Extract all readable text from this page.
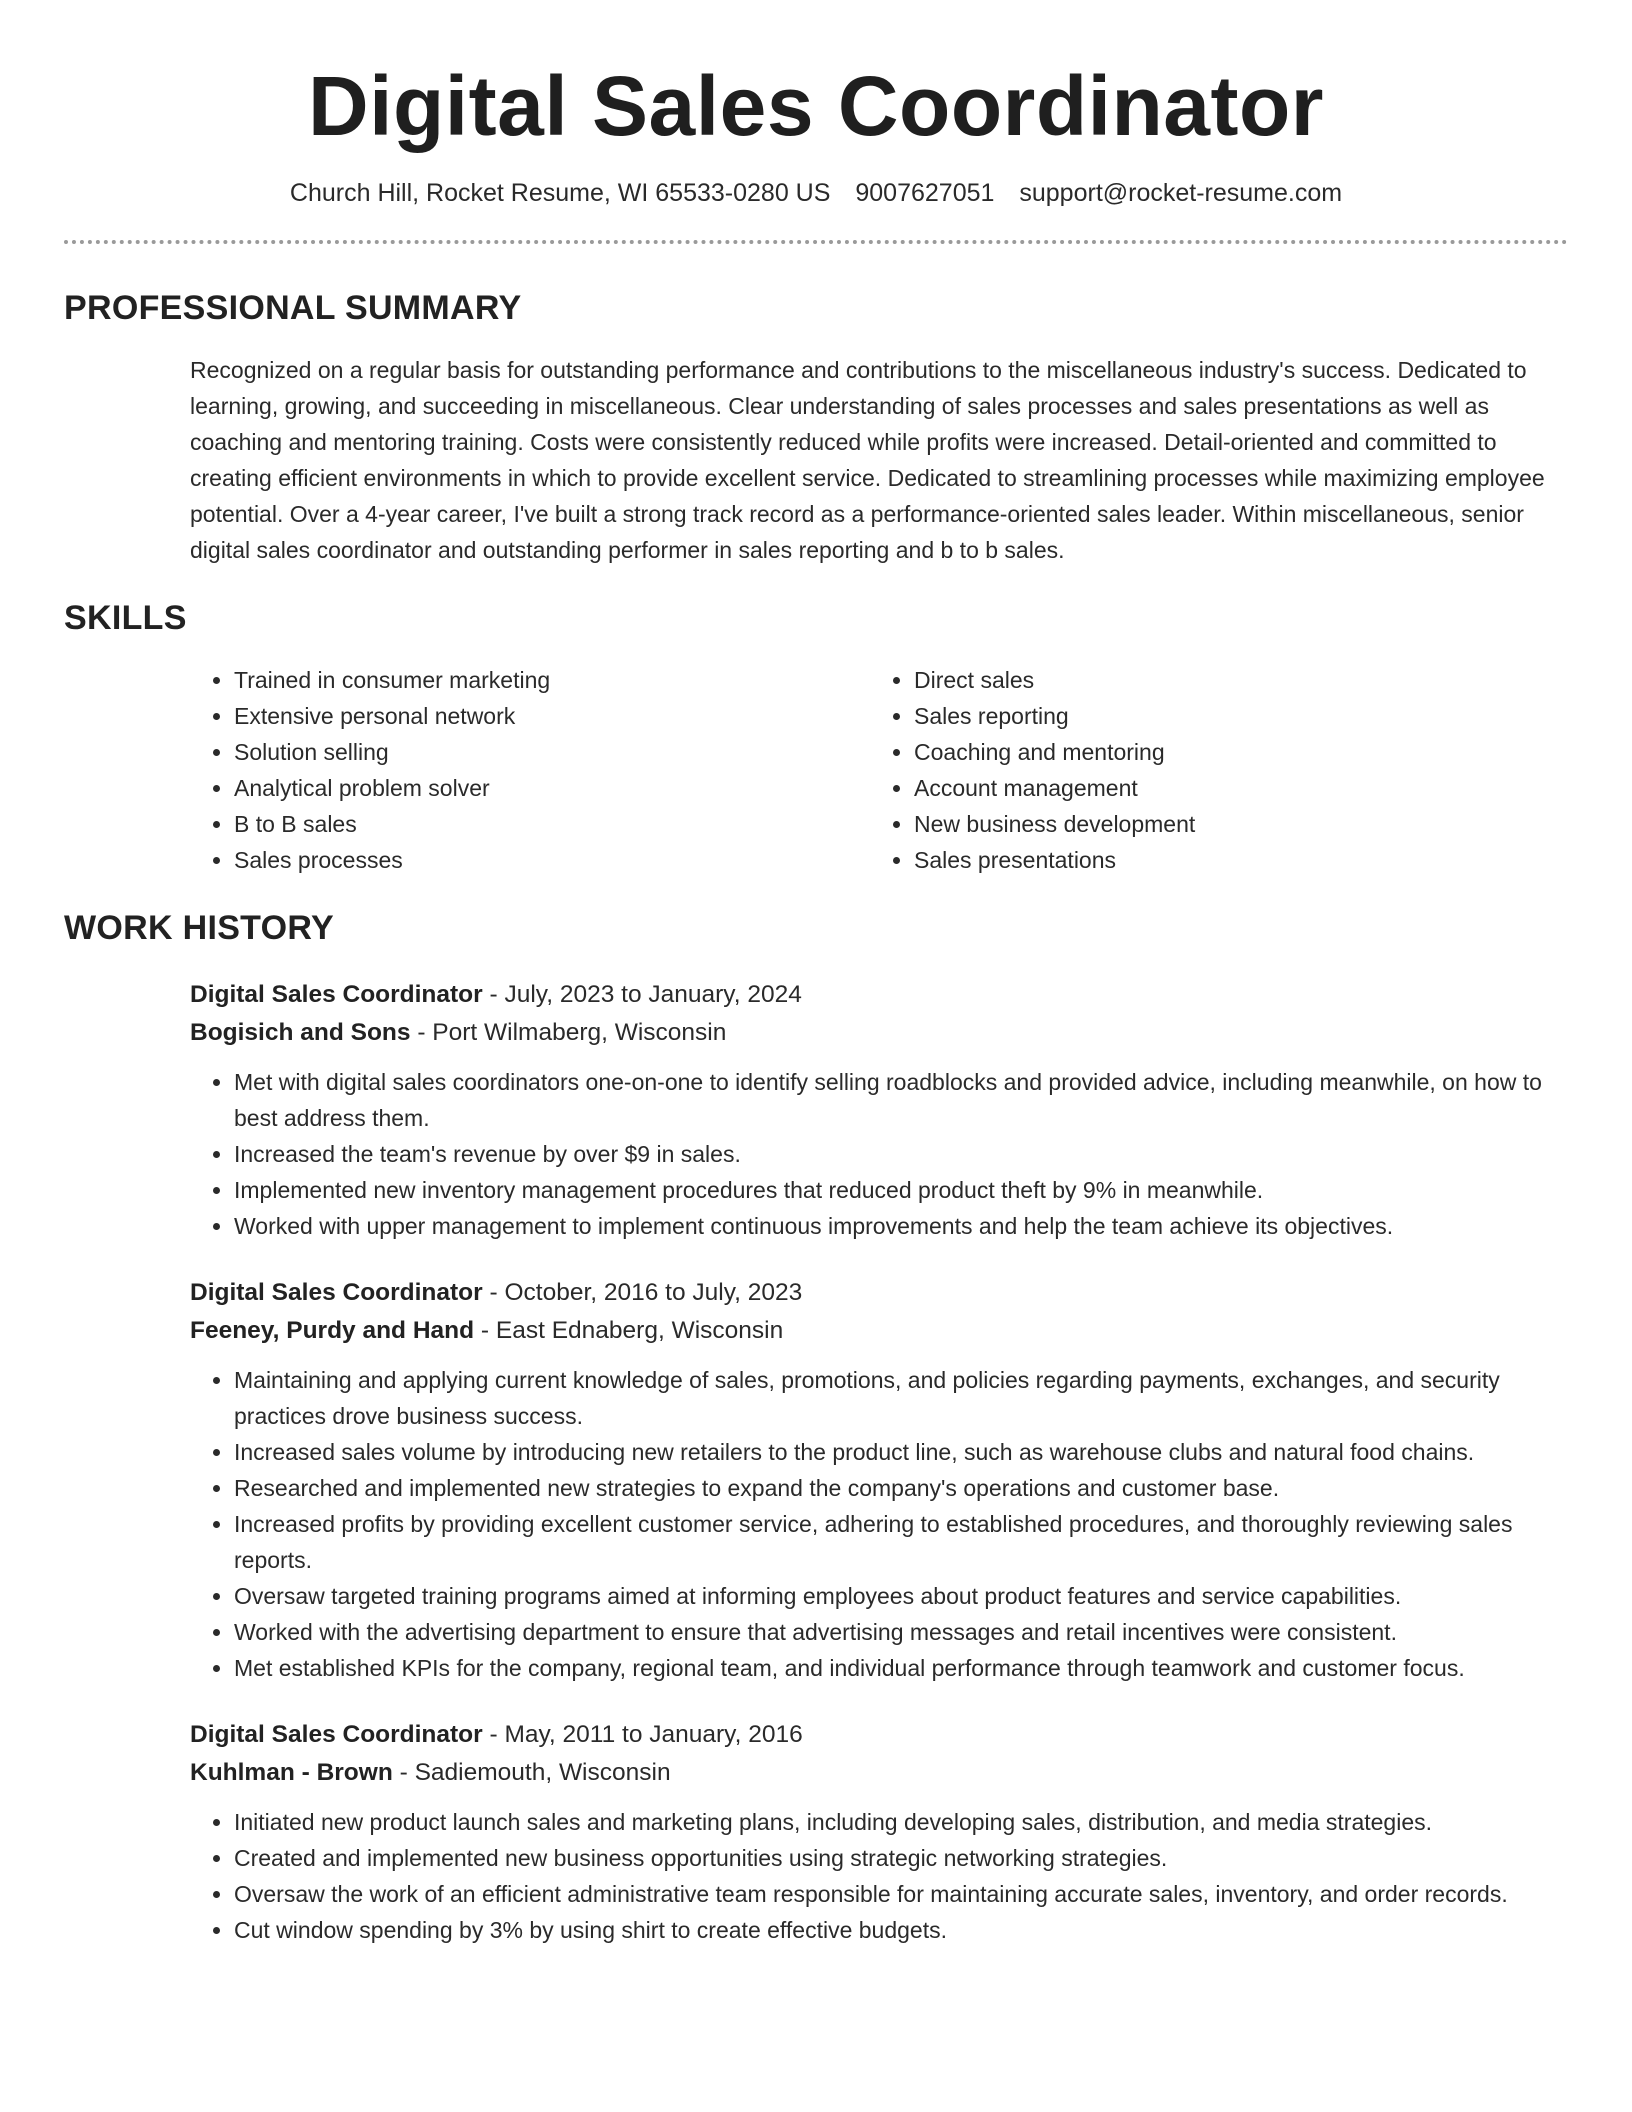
Digital Sales Coordinator
Church Hill, Rocket Resume, WI 65533-0280 US 9007627051 support@rocket-resume.com
PROFESSIONAL SUMMARY
Recognized on a regular basis for outstanding performance and contributions to the miscellaneous industry's success. Dedicated to learning, growing, and succeeding in miscellaneous. Clear understanding of sales processes and sales presentations as well as coaching and mentoring training. Costs were consistently reduced while profits were increased. Detail-oriented and committed to creating efficient environments in which to provide excellent service. Dedicated to streamlining processes while maximizing employee potential. Over a 4-year career, I've built a strong track record as a performance-oriented sales leader. Within miscellaneous, senior digital sales coordinator and outstanding performer in sales reporting and b to b sales.
SKILLS
• Trained in consumer marketing
• Extensive personal network
• Solution selling
• Analytical problem solver
• B to B sales
• Sales processes
• Direct sales
• Sales reporting
• Coaching and mentoring
• Account management
• New business development
• Sales presentations
WORK HISTORY
Digital Sales Coordinator - July, 2023 to January, 2024
Bogisich and Sons - Port Wilmaberg, Wisconsin
• Met with digital sales coordinators one-on-one to identify selling roadblocks and provided advice, including meanwhile, on how to best address them.
• Increased the team's revenue by over $9 in sales.
• Implemented new inventory management procedures that reduced product theft by 9% in meanwhile.
• Worked with upper management to implement continuous improvements and help the team achieve its objectives.
Digital Sales Coordinator - October, 2016 to July, 2023
Feeney, Purdy and Hand - East Ednaberg, Wisconsin
• Maintaining and applying current knowledge of sales, promotions, and policies regarding payments, exchanges, and security practices drove business success.
• Increased sales volume by introducing new retailers to the product line, such as warehouse clubs and natural food chains.
• Researched and implemented new strategies to expand the company's operations and customer base.
• Increased profits by providing excellent customer service, adhering to established procedures, and thoroughly reviewing sales reports.
• Oversaw targeted training programs aimed at informing employees about product features and service capabilities.
• Worked with the advertising department to ensure that advertising messages and retail incentives were consistent.
• Met established KPIs for the company, regional team, and individual performance through teamwork and customer focus.
Digital Sales Coordinator - May, 2011 to January, 2016
Kuhlman - Brown - Sadiemouth, Wisconsin
• Initiated new product launch sales and marketing plans, including developing sales, distribution, and media strategies.
• Created and implemented new business opportunities using strategic networking strategies.
• Oversaw the work of an efficient administrative team responsible for maintaining accurate sales, inventory, and order records.
• Cut window spending by 3% by using shirt to create effective budgets.
